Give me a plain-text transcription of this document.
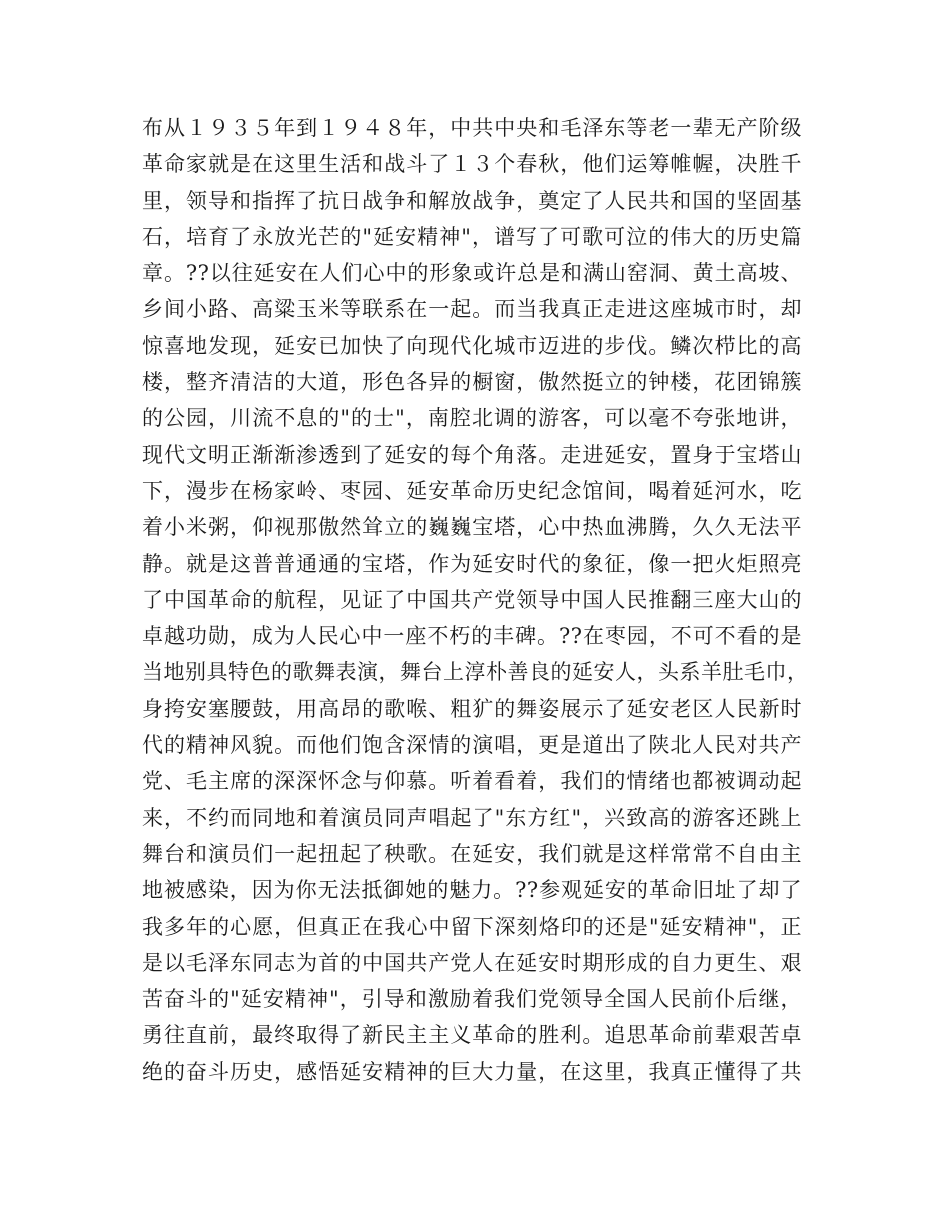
布从１９３５年到１９４８年，中共中央和毛泽东等老一辈无产阶级
革命家就是在这里生活和战斗了１３个春秋，他们运筹帷幄，决胜千
里，领导和指挥了抗日战争和解放战争，奠定了人民共和国的坚固基
石，培育了永放光芒的"延安精神"，谱写了可歌可泣的伟大的历史篇
章。??以往延安在人们心中的形象或许总是和满山窑洞、黄土高坡、
乡间小路、高粱玉米等联系在一起。而当我真正走进这座城市时，却
惊喜地发现，延安已加快了向现代化城市迈进的步伐。鳞次栉比的高
楼，整齐清洁的大道，形色各异的橱窗，傲然挺立的钟楼，花团锦簇
的公园，川流不息的"的士"，南腔北调的游客，可以毫不夸张地讲，
现代文明正渐渐渗透到了延安的每个角落。走进延安，置身于宝塔山
下，漫步在杨家岭、枣园、延安革命历史纪念馆间，喝着延河水，吃
着小米粥，仰视那傲然耸立的巍巍宝塔，心中热血沸腾，久久无法平
静。就是这普普通通的宝塔，作为延安时代的象征，像一把火炬照亮
了中国革命的航程，见证了中国共产党领导中国人民推翻三座大山的
卓越功勋，成为人民心中一座不朽的丰碑。??在枣园，不可不看的是
当地别具特色的歌舞表演，舞台上淳朴善良的延安人，头系羊肚毛巾，
身挎安塞腰鼓，用高昂的歌喉、粗犷的舞姿展示了延安老区人民新时
代的精神风貌。而他们饱含深情的演唱，更是道出了陕北人民对共产
党、毛主席的深深怀念与仰慕。听着看着，我们的情绪也都被调动起
来，不约而同地和着演员同声唱起了"东方红"，兴致高的游客还跳上
舞台和演员们一起扭起了秧歌。在延安，我们就是这样常常不自由主
地被感染，因为你无法抵御她的魅力。??参观延安的革命旧址了却了
我多年的心愿，但真正在我心中留下深刻烙印的还是"延安精神"，正
是以毛泽东同志为首的中国共产党人在延安时期形成的自力更生、艰
苦奋斗的"延安精神"，引导和激励着我们党领导全国人民前仆后继，
勇往直前，最终取得了新民主主义革命的胜利。追思革命前辈艰苦卓
绝的奋斗历史，感悟延安精神的巨大力量，在这里，我真正懂得了共
